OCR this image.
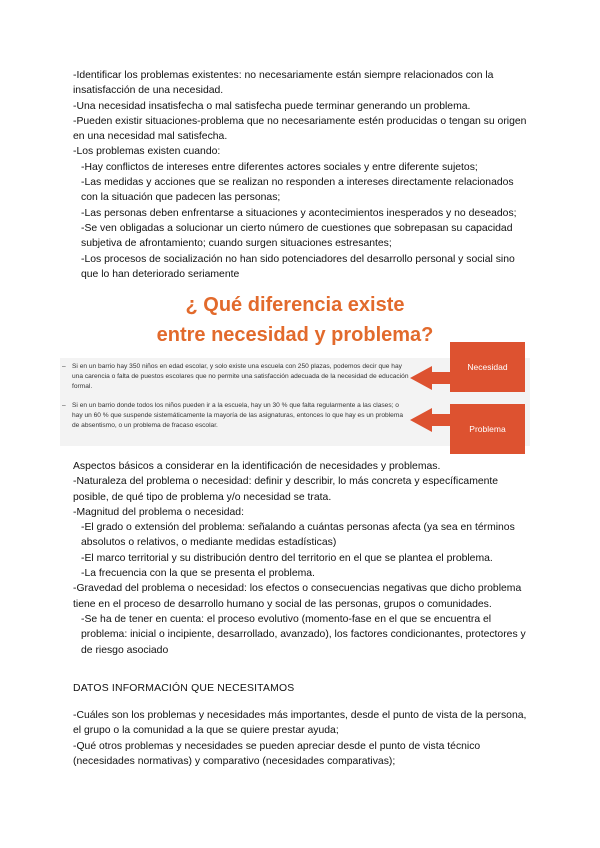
-Identificar los problemas existentes: no necesariamente están siempre relacionados con la insatisfacción de una necesidad.

-Una necesidad insatisfecha o mal satisfecha puede terminar generando un problema.

-Pueden existir situaciones-problema que no necesariamente estén producidas o tengan su origen en una necesidad mal satisfecha.

-Los problemas existen cuando:

-Hay conflictos de intereses entre diferentes actores sociales y entre diferente sujetos;

-Las medidas y acciones que se realizan no responden a intereses directamente relacionados con la situación que padecen las personas;

-Las personas deben enfrentarse a situaciones y acontecimientos inesperados y no deseados;

-Se ven obligadas a solucionar un cierto número de cuestiones que sobrepasan su capacidad subjetiva de afrontamiento; cuando surgen situaciones estresantes;

-Los procesos de socialización no han sido potenciadores del desarrollo personal y social sino que lo han deteriorado seriamente

¿ Qué diferencia existe
entre necesidad y problema?
– Si en un barrio hay 350 niños en edad escolar, y solo existe una escuela con 250 plazas, podemos decir que hay una carencia o falta de puestos escolares que no permite una satisfacción adecuada de la necesidad de educación formal.
– Si en un barrio donde todos los niños pueden ir a la escuela, hay un 30 % que falta regularmente a las clases; o hay un 60 % que suspende sistemáticamente la mayoría de las asignaturas, entonces lo que hay es un problema de absentismo, o un problema de fracaso escolar.
Necesidad
Problema

Aspectos básicos a considerar en la identificación de necesidades y problemas.

-Naturaleza del problema o necesidad: definir y describir, lo más concreta y específicamente posible, de qué tipo de problema y/o necesidad se trata.

-Magnitud del problema o necesidad:

-El grado o extensión del problema: señalando a cuántas personas afecta (ya sea en términos absolutos o relativos, o mediante medidas estadísticas)

-El marco territorial y su distribución dentro del territorio en el que se plantea el problema.

-La frecuencia con la que se presenta el problema.

-Gravedad del problema o necesidad: los efectos o consecuencias negativas que dicho problema tiene en el proceso de desarrollo humano y social de las personas, grupos o comunidades.

-Se ha de tener en cuenta: el proceso evolutivo (momento-fase en el que se encuentra el problema: inicial o incipiente, desarrollado, avanzado), los factores condicionantes, protectores y de riesgo asociado

DATOS INFORMACIÓN QUE NECESITAMOS

-Cuáles son los problemas y necesidades más importantes, desde el punto de vista de la persona, el grupo o la comunidad a la que se quiere prestar ayuda;

-Qué otros problemas y necesidades se pueden apreciar desde el punto de vista técnico (necesidades normativas) y comparativo (necesidades comparativas);
